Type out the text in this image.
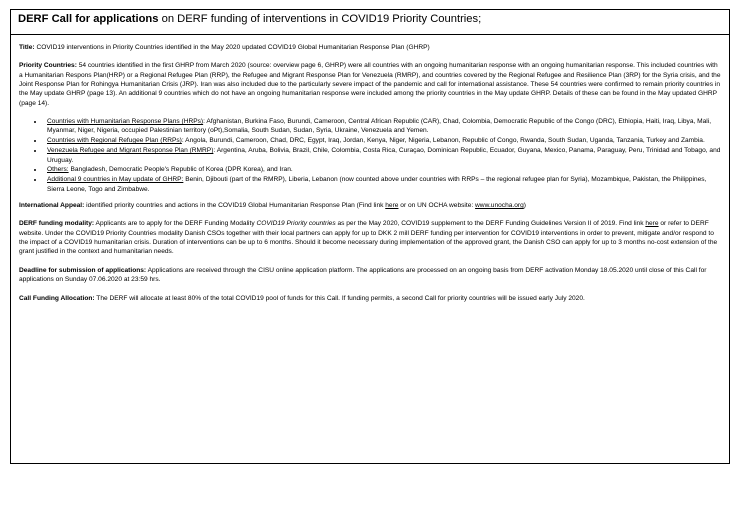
DERF Call for applications on DERF funding of interventions in COVID19 Priority Countries;

Title: COVID19 interventions in Priority Countries identified in the May 2020 updated COVID19 Global Humanitarian Response Plan (GHRP)

Priority Countries: 54 countries identified in the first GHRP from March 2020 (source: overview page 6, GHRP) were all countries with an ongoing humanitarian response with an ongoing humanitarian response. This included countries with a Humanitarian Respons Plan(HRP) or a Regional Refugee Plan (RRP), the Refugee and Migrant Response Plan for Venezuela (RMRP), and countries covered by the Regional Refugee and Resilience Plan (3RP) for the Syria crisis, and the Joint Response Plan for Rohingya Humanitarian Crisis (JRP). Iran was also included due to the particularly severe impact of the pandemic and call for international assistance. These 54 countries were confirmed to remain priority countries in the May update GHRP (page 13). An additional 9 countries which do not have an ongoing humanitarian response were included among the priority countries in the May update GHRP. Details of these can be found in the May updated GHRP (page 14).

• Countries with Humanitarian Response Plans (HRPs): Afghanistan, Burkina Faso, Burundi, Cameroon, Central African Republic (CAR), Chad, Colombia, Democratic Republic of the Congo (DRC), Ethiopia, Haiti, Iraq, Libya, Mali, Myanmar, Niger, Nigeria, occupied Palestinian territory (oPt),Somalia, South Sudan, Sudan, Syria, Ukraine, Venezuela and Yemen.
• Countries with Regional Refugee Plan (RRPs): Angola, Burundi, Cameroon, Chad, DRC, Egypt, Iraq, Jordan, Kenya, Niger, Nigeria, Lebanon, Republic of Congo, Rwanda, South Sudan, Uganda, Tanzania, Turkey and Zambia.
• Venezuela Refugee and Migrant Response Plan (RMRP): Argentina, Aruba, Bolivia, Brazil, Chile, Colombia, Costa Rica, Curaçao, Dominican Republic, Ecuador, Guyana, Mexico, Panama, Paraguay, Peru, Trinidad and Tobago, and Uruguay.
• Others: Bangladesh, Democratic People's Republic of Korea (DPR Korea), and Iran.
• Additional 9 countries in May update of GHRP: Benin, Djibouti (part of the RMRP), Liberia, Lebanon (now counted above under countries with RRPs – the regional refugee plan for Syria), Mozambique, Pakistan, the Philippines, Sierra Leone, Togo and Zimbabwe.

International Appeal: identified priority countries and actions in the COVID19 Global Humanitarian Response Plan (Find link here or on UN OCHA website: www.unocha.org)

DERF funding modality: Applicants are to apply for the DERF Funding Modality COVID19 Priority countries as per the May 2020, COVID19 supplement to the DERF Funding Guidelines Version II of 2019. Find link here or refer to DERF website. Under the COVID19 Priority Countries modality Danish CSOs together with their local partners can apply for up to DKK 2 mill DERF funding per intervention for COVID19 interventions in order to prevent, mitigate and/or respond to the impact of a COVID19 humanitarian crisis. Duration of interventions can be up to 6 months. Should it become necessary during implementation of the approved grant, the Danish CSO can apply for up to 3 months no-cost extension of the grant justified in the context and humanitarian needs.

Deadline for submission of applications: Applications are received through the CISU online application platform. The applications are processed on an ongoing basis from DERF activation Monday 18.05.2020 until close of this Call for applications on Sunday 07.06.2020 at 23:59 hrs.

Call Funding Allocation: The DERF will allocate at least 80% of the total COVID19 pool of funds for this Call. If funding permits, a second Call for priority countries will be issued early July 2020.
